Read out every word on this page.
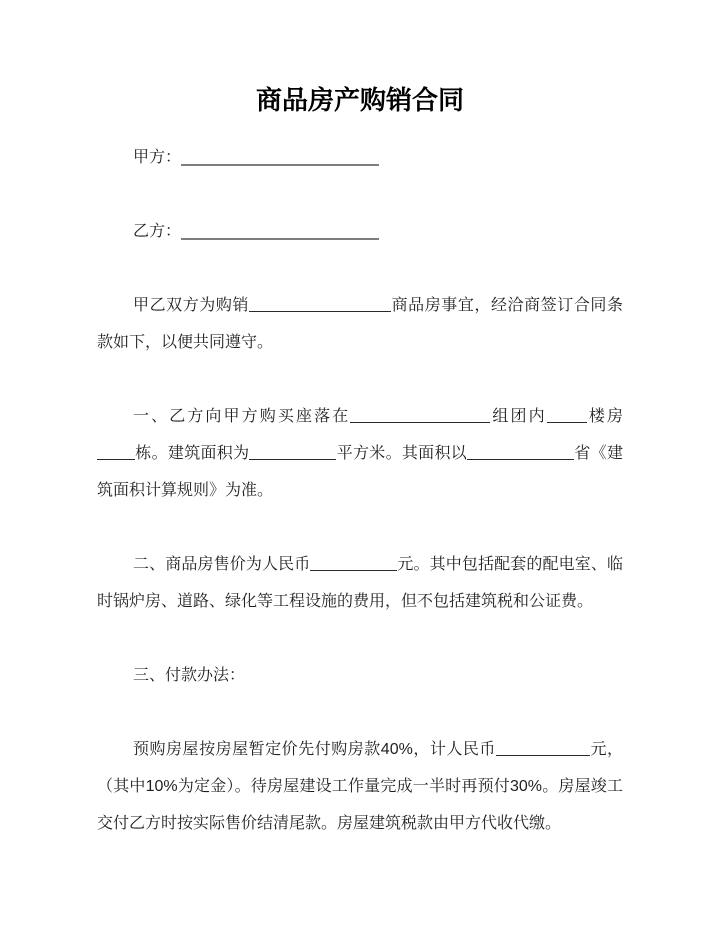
商品房产购销合同

甲方：

乙方：

甲乙双方为购销	商品房事宜，经洽商签订合同条款如下，以便共同遵守。

一、乙方向甲方购买座落在	组团内	楼房栋。建筑面积为	平方米。其面积以	省《建筑面积计算规则》为准。

二、商品房售价为人民币	元。其中包括配套的配电室、临时锅炉房、道路、绿化等工程设施的费用，但不包括建筑税和公证费。

三、付款办法：

预购房屋按房屋暂定价先付购房款40%，计人民币	元，（其中10%为定金）。待房屋建设工作量完成一半时再预付30%。房屋竣工交付乙方时按实际售价结清尾款。房屋建筑税款由甲方代收代缴。
